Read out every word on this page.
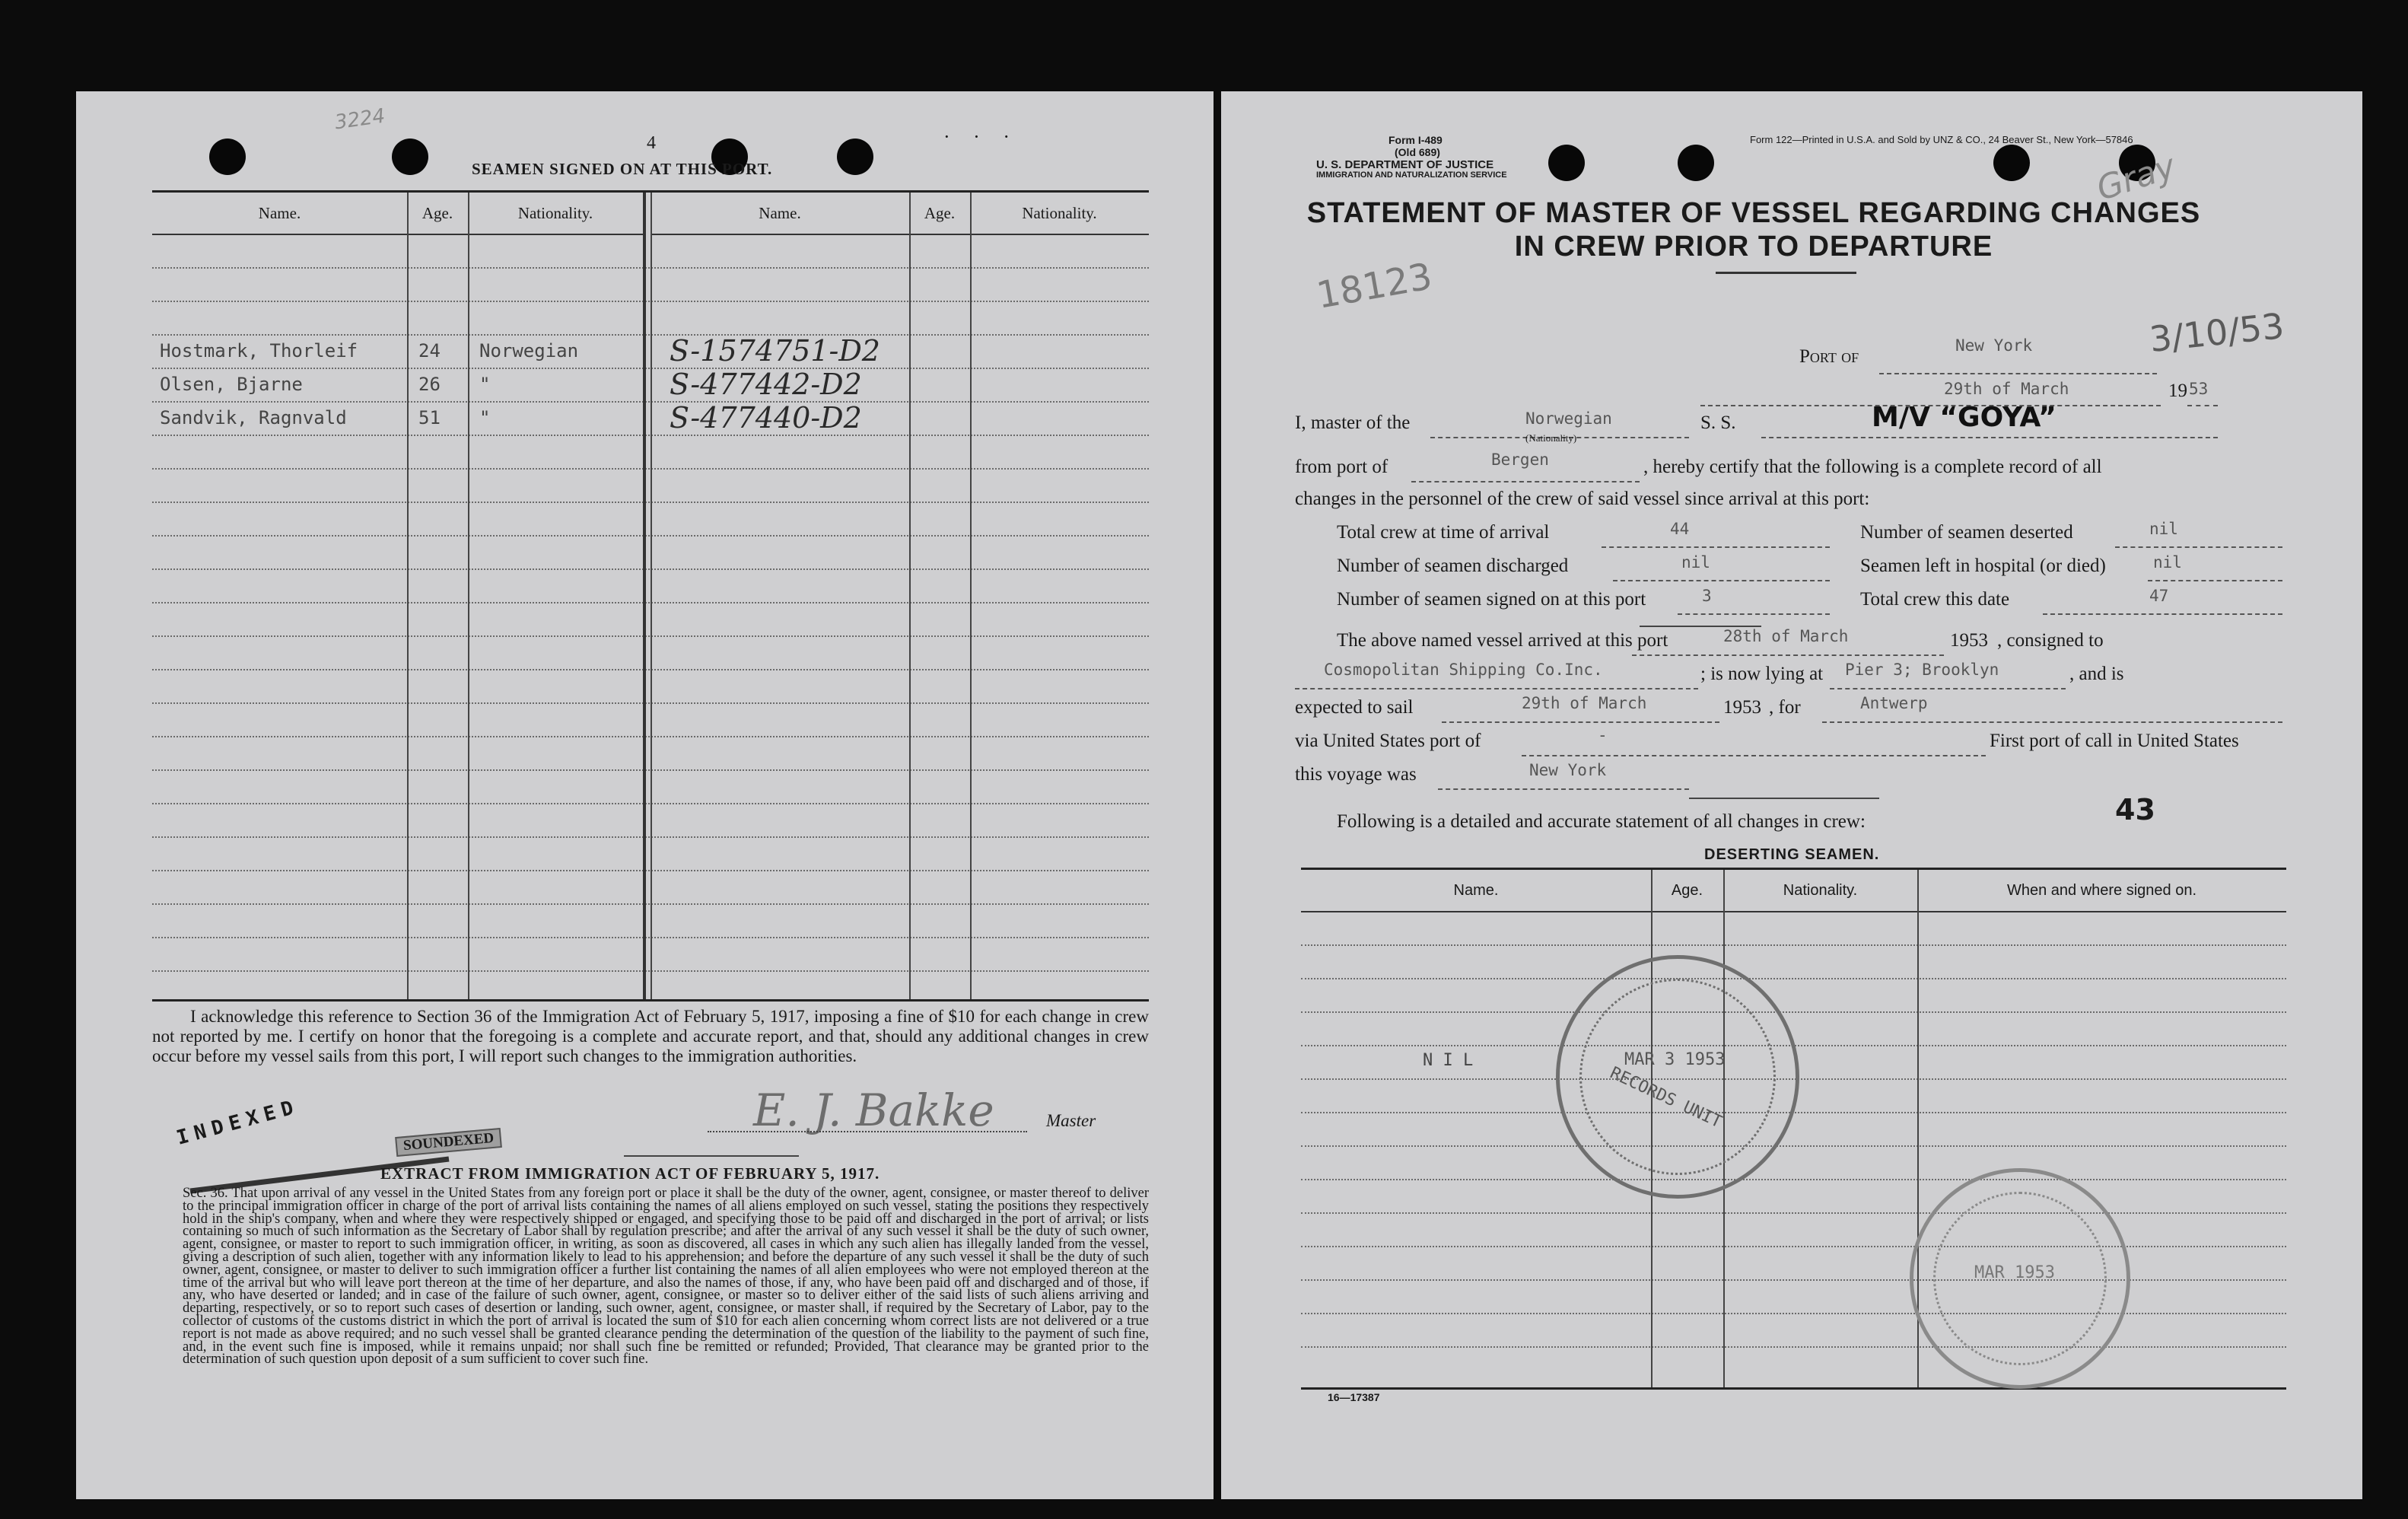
3224
4	· · ·
SEAMEN SIGNED ON AT THIS PORT.
Name.	Age.	Nationality.	Name.	Age.	Nationality.
Hostmark, Thorleif	24 Norwegian	S-1574751-D2
Olsen, Bjarne	26 "	S-477442-D2
Sandvik, Ragnvald	51 "	S-477440-D2
I acknowledge this reference to Section 36 of the Immigration Act of February 5, 1917, imposing a fine of $10 for each change in crew not reported by me. I certify on honor that the foregoing is a complete and accurate report, and that, should any additional changes in crew occur before my vessel sails from this port, I will report such changes to the immigration authorities.
E. J. Bakke	Master
INDEXED	SOUNDEXED
EXTRACT FROM IMMIGRATION ACT OF FEBRUARY 5, 1917.
Sec. 36. That upon arrival of any vessel in the United States from any foreign port or place it shall be the duty of the owner, agent, consignee, or master thereof to deliver to the principal immigration officer in charge of the port of arrival lists containing the names of all aliens employed on such vessel, stating the positions they respectively hold in the ship's company, when and where they were respectively shipped or engaged, and specifying those to be paid off and discharged in the port of arrival; or lists containing so much of such information as the Secretary of Labor shall by regulation prescribe; and after the arrival of any such vessel it shall be the duty of such owner, agent, consignee, or master to report to such immigration officer, in writing, as soon as discovered, all cases in which any such alien has illegally landed from the vessel, giving a description of such alien, together with any information likely to lead to his apprehension; and before the departure of any such vessel it shall be the duty of such owner, agent, consignee, or master to deliver to such immigration officer a further list containing the names of all alien employees who were not employed thereon at the time of the arrival but who will leave port thereon at the time of her departure, and also the names of those, if any, who have been paid off and discharged and of those, if any, who have deserted or landed; and in case of the failure of such owner, agent, consignee, or master so to deliver either of the said lists of such aliens arriving and departing, respectively, or so to report such cases of desertion or landing, such owner, agent, consignee, or master shall, if required by the Secretary of Labor, pay to the collector of customs of the customs district in which the port of arrival is located the sum of $10 for each alien concerning whom correct lists are not delivered or a true report is not made as above required; and no such vessel shall be granted clearance pending the determination of the question of the liability to the payment of such fine, and, in the event such fine is imposed, while it remains unpaid; nor shall such fine be remitted or refunded; Provided, That clearance may be granted prior to the determination of such question upon deposit of a sum sufficient to cover such fine.
Form I-489
(Old 689)
U. S. DEPARTMENT OF JUSTICE
IMMIGRATION AND NATURALIZATION SERVICE
Form 122—Printed in U.S.A. and Sold by UNZ & CO., 24 Beaver St., New York—57846
Gray
STATEMENT OF MASTER OF VESSEL REGARDING CHANGES
IN CREW PRIOR TO DEPARTURE
18123
3/10/53
Port of
New York
29th of March	19 53
I, master of the	Norwegian
(Nationality)
S. S.	M/V “GOYA”
from port of	Bergen	, hereby certify that the following is a complete record of all
changes in the personnel of the crew of said vessel since arrival at this port:
Total crew at time of arrival	44	Number of seamen deserted	nil
Number of seamen discharged	nil	Seamen left in hospital (or died)	nil
Number of seamen signed on at this port	3	Total crew this date	47
The above named vessel arrived at this port	28th of March	1953 , consigned to
Cosmopolitan Shipping Co.Inc.	; is now lying at Pier 3; Brooklyn	, and is
expected to sail	29th of March	1953 , for	Antwerp
via United States port of	-	First port of call in United States
this voyage was	New York
Following is a detailed and accurate statement of all changes in crew:	43
DESERTING SEAMEN.
Name.	Age.	Nationality.	When and where signed on.
N I L	MAR 3 1953
RECORDS UNIT
MAR 1953
16—17387
